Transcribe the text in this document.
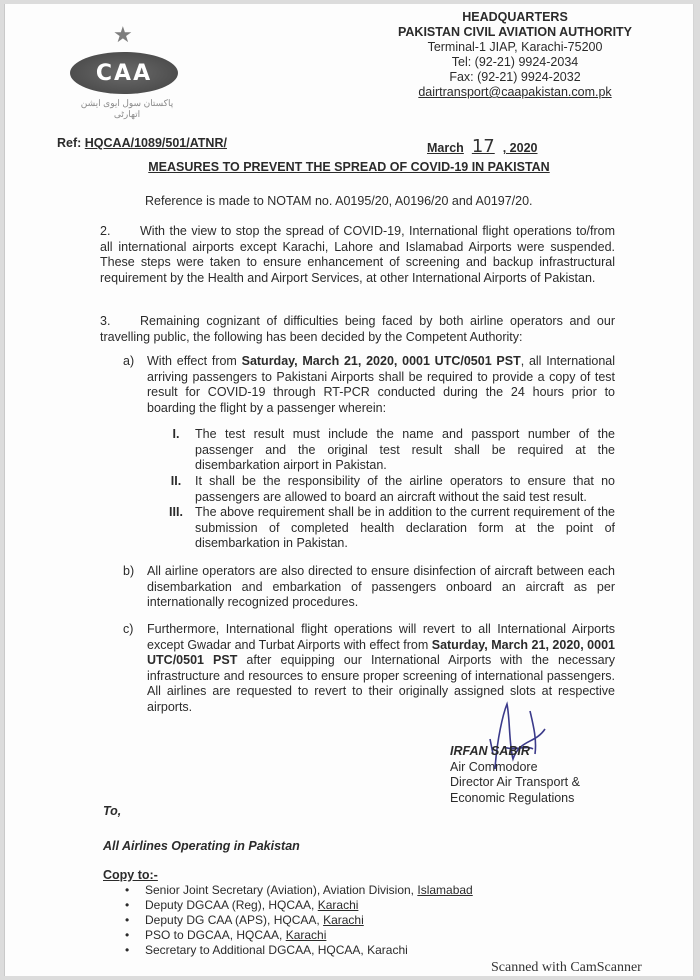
★
CAA
پاکستان سول ایوی ایشن اتھارٹی
HEADQUARTERS
PAKISTAN CIVIL AVIATION AUTHORITY
Terminal-1 JIAP, Karachi-75200
Tel: (92-21) 9924-2034
Fax: (92-21) 9924-2032
dairtransport@caapakistan.com.pk
Ref: HQCAA/1089/501/ATNR/	March 17 , 2020
MEASURES TO PREVENT THE SPREAD OF COVID-19 IN PAKISTAN
Reference is made to NOTAM no. A0195/20, A0196/20 and A0197/20.
2. With the view to stop the spread of COVID-19, International flight operations to/from all international airports except Karachi, Lahore and Islamabad Airports were suspended. These steps were taken to ensure enhancement of screening and backup infrastructural requirement by the Health and Airport Services, at other International Airports of Pakistan.
3. Remaining cognizant of difficulties being faced by both airline operators and our travelling public, the following has been decided by the Competent Authority:
a) With effect from Saturday, March 21, 2020, 0001 UTC/0501 PST, all International arriving passengers to Pakistani Airports shall be required to provide a copy of test result for COVID-19 through RT-PCR conducted during the 24 hours prior to boarding the flight by a passenger wherein:
I.	The test result must include the name and passport number of the passenger and the original test result shall be required at the disembarkation airport in Pakistan.
II.	It shall be the responsibility of the airline operators to ensure that no passengers are allowed to board an aircraft without the said test result.
III. The above requirement shall be in addition to the current requirement of the submission of completed health declaration form at the point of disembarkation in Pakistan.
b) All airline operators are also directed to ensure disinfection of aircraft between each disembarkation and embarkation of passengers onboard an aircraft as per internationally recognized procedures.
c) Furthermore, International flight operations will revert to all International Airports except Gwadar and Turbat Airports with effect from Saturday, March 21, 2020, 0001 UTC/0501 PST after equipping our International Airports with the necessary infrastructure and resources to ensure proper screening of international passengers. All airlines are requested to revert to their originally assigned slots at respective airports.
IRFAN SABIR
Air Commodore
Director Air Transport &
Economic Regulations
To,
All Airlines Operating in Pakistan
Copy to:-
• Senior Joint Secretary (Aviation), Aviation Division, Islamabad
• Deputy DGCAA (Reg), HQCAA, Karachi
• Deputy DG CAA (APS), HQCAA, Karachi
• PSO to DGCAA, HQCAA, Karachi
• Secretary to Additional DGCAA, HQCAA, Karachi
Scanned with CamScanner
